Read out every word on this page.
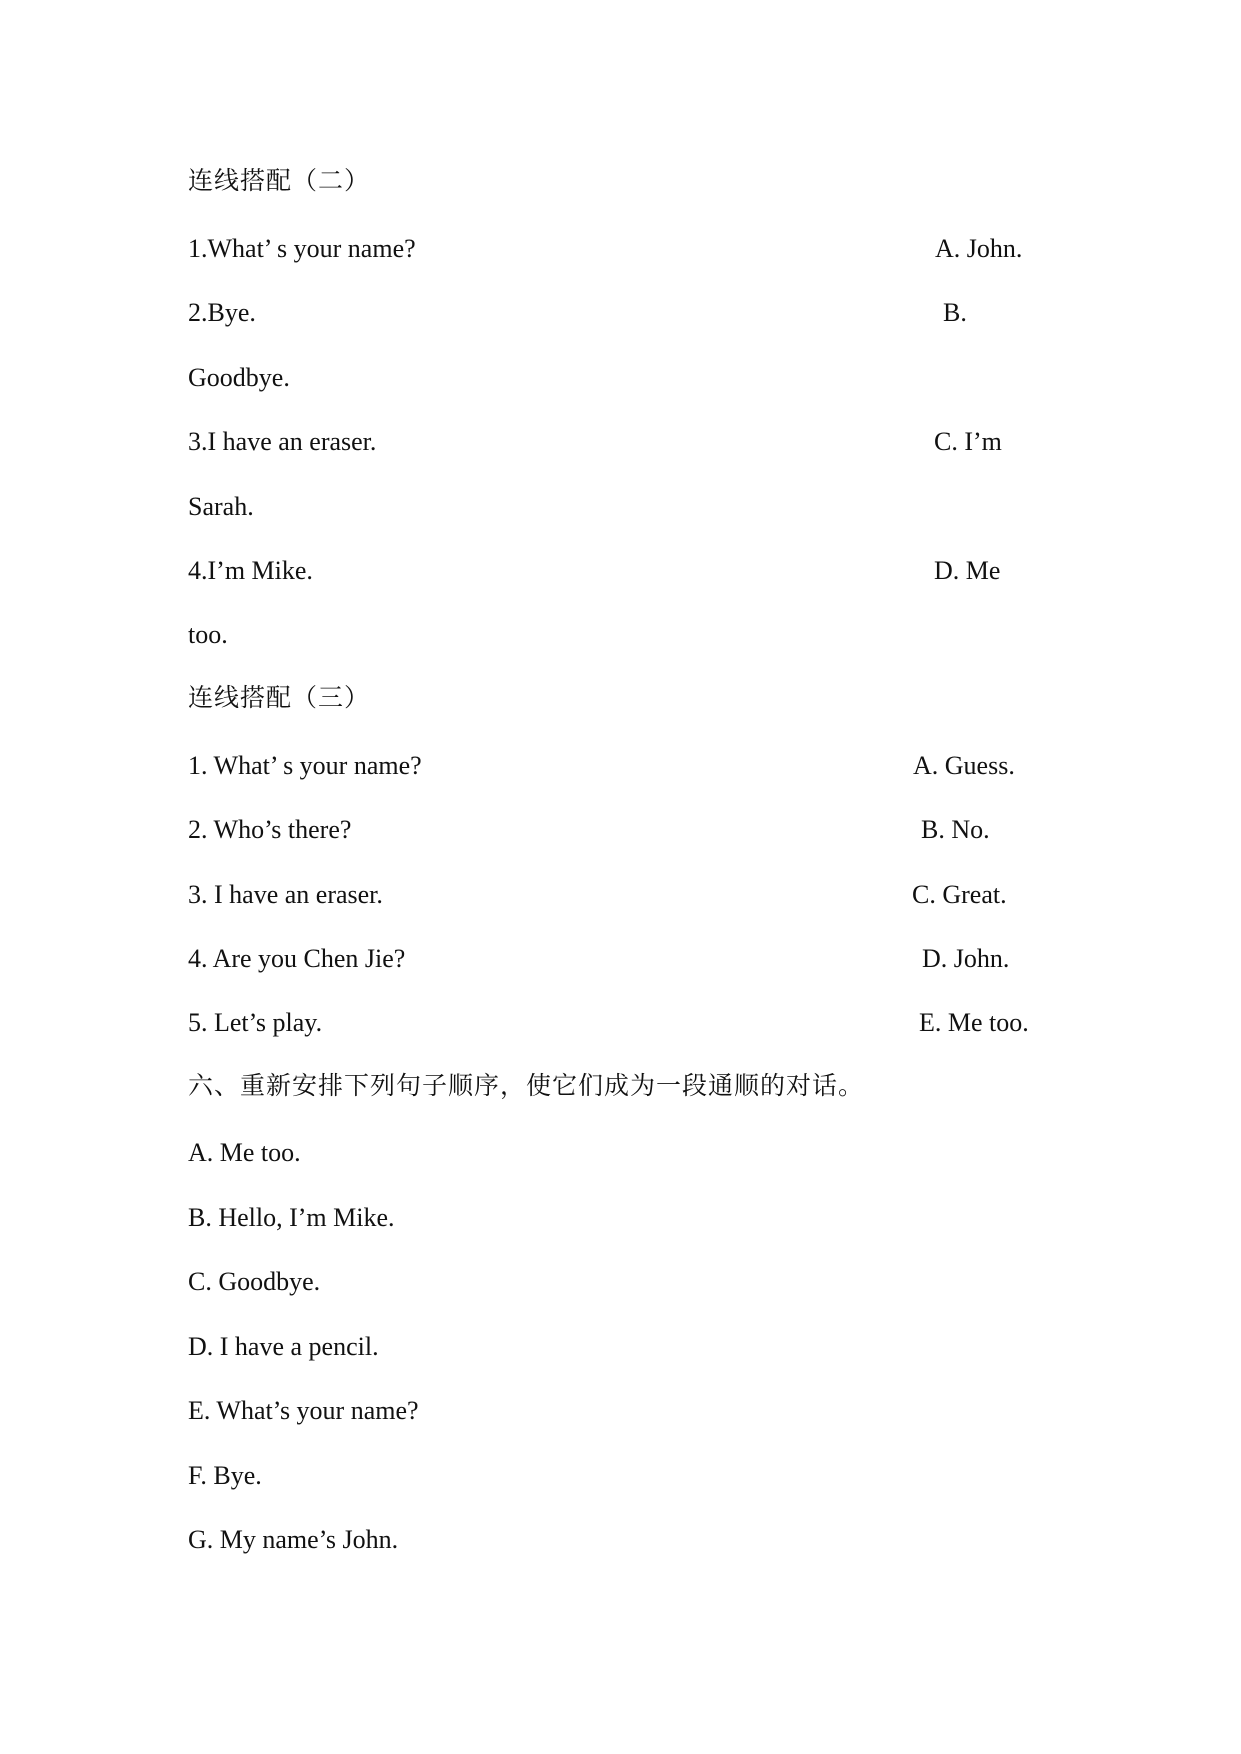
连线搭配（二）
1.What’ s your name?	A. John.
2.Bye.	B.
Goodbye.
3.I have an eraser.	C. I’m
Sarah.
4.I’m Mike.	D. Me
too.
连线搭配（三）
1. What’ s your name?	A. Guess.
2. Who’s there?	B. No.
3. I have an eraser.	C. Great.
4. Are you Chen Jie?	D. John.
5. Let’s play.	E. Me too.
六、重新安排下列句子顺序，使它们成为一段通顺的对话。
A. Me too.
B. Hello, I’m Mike.
C. Goodbye.
D. I have a pencil.
E. What’s your name?
F. Bye.
G. My name’s John.
